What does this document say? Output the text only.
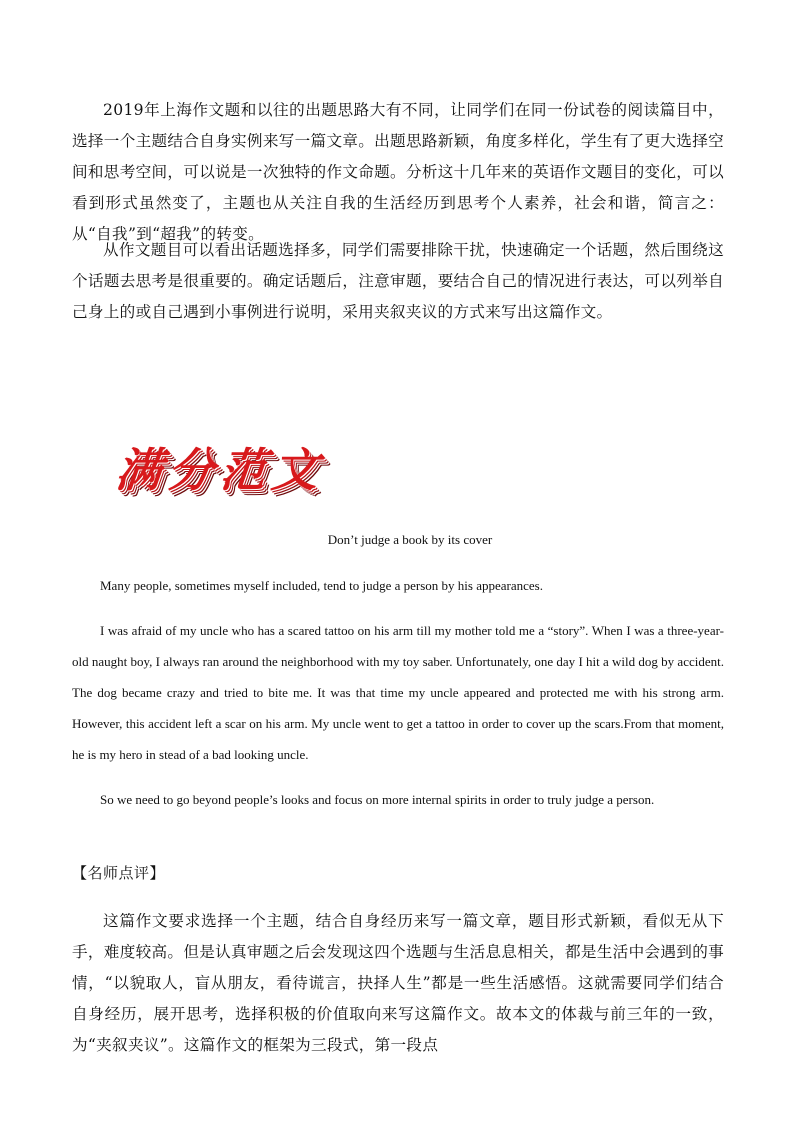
2019年上海作文题和以往的出题思路大有不同，让同学们在同一份试卷的阅读篇目中，选择一个主题结合自身实例来写一篇文章。出题思路新颖，角度多样化，学生有了更大选择空间和思考空间，可以说是一次独特的作文命题。分析这十几年来的英语作文题目的变化，可以看到形式虽然变了，主题也从关注自我的生活经历到思考个人素养，社会和谐，简言之：从“自我”到“超我”的转变。

从作文题目可以看出话题选择多，同学们需要排除干扰，快速确定一个话题，然后围绕这个话题去思考是很重要的。确定话题后，注意审题，要结合自己的情况进行表达，可以列举自己身上的或自己遇到小事例进行说明，采用夹叙夹议的方式来写出这篇作文。

满分范文

Don’t judge a book by its cover

Many people, sometimes myself included, tend to judge a person by his appearances.

I was afraid of my uncle who has a scared tattoo on his arm till my mother told me a “story”. When I was a three-year-old naught boy, I always ran around the neighborhood with my toy saber. Unfortunately, one day I hit a wild dog by accident. The dog became crazy and tried to bite me. It was that time my uncle appeared and protected me with his strong arm. However, this accident left a scar on his arm. My uncle went to get a tattoo in order to cover up the scars.From that moment, he is my hero in stead of a bad looking uncle.

So we need to go beyond people’s looks and focus on more internal spirits in order to truly judge a person.

【名师点评】

这篇作文要求选择一个主题，结合自身经历来写一篇文章，题目形式新颖，看似无从下手，难度较高。但是认真审题之后会发现这四个选题与生活息息相关，都是生活中会遇到的事情，“以貌取人，盲从朋友，看待谎言，抉择人生”都是一些生活感悟。这就需要同学们结合自身经历，展开思考，选择积极的价值取向来写这篇作文。故本文的体裁与前三年的一致，为“夹叙夹议”。这篇作文的框架为三段式，第一段点
